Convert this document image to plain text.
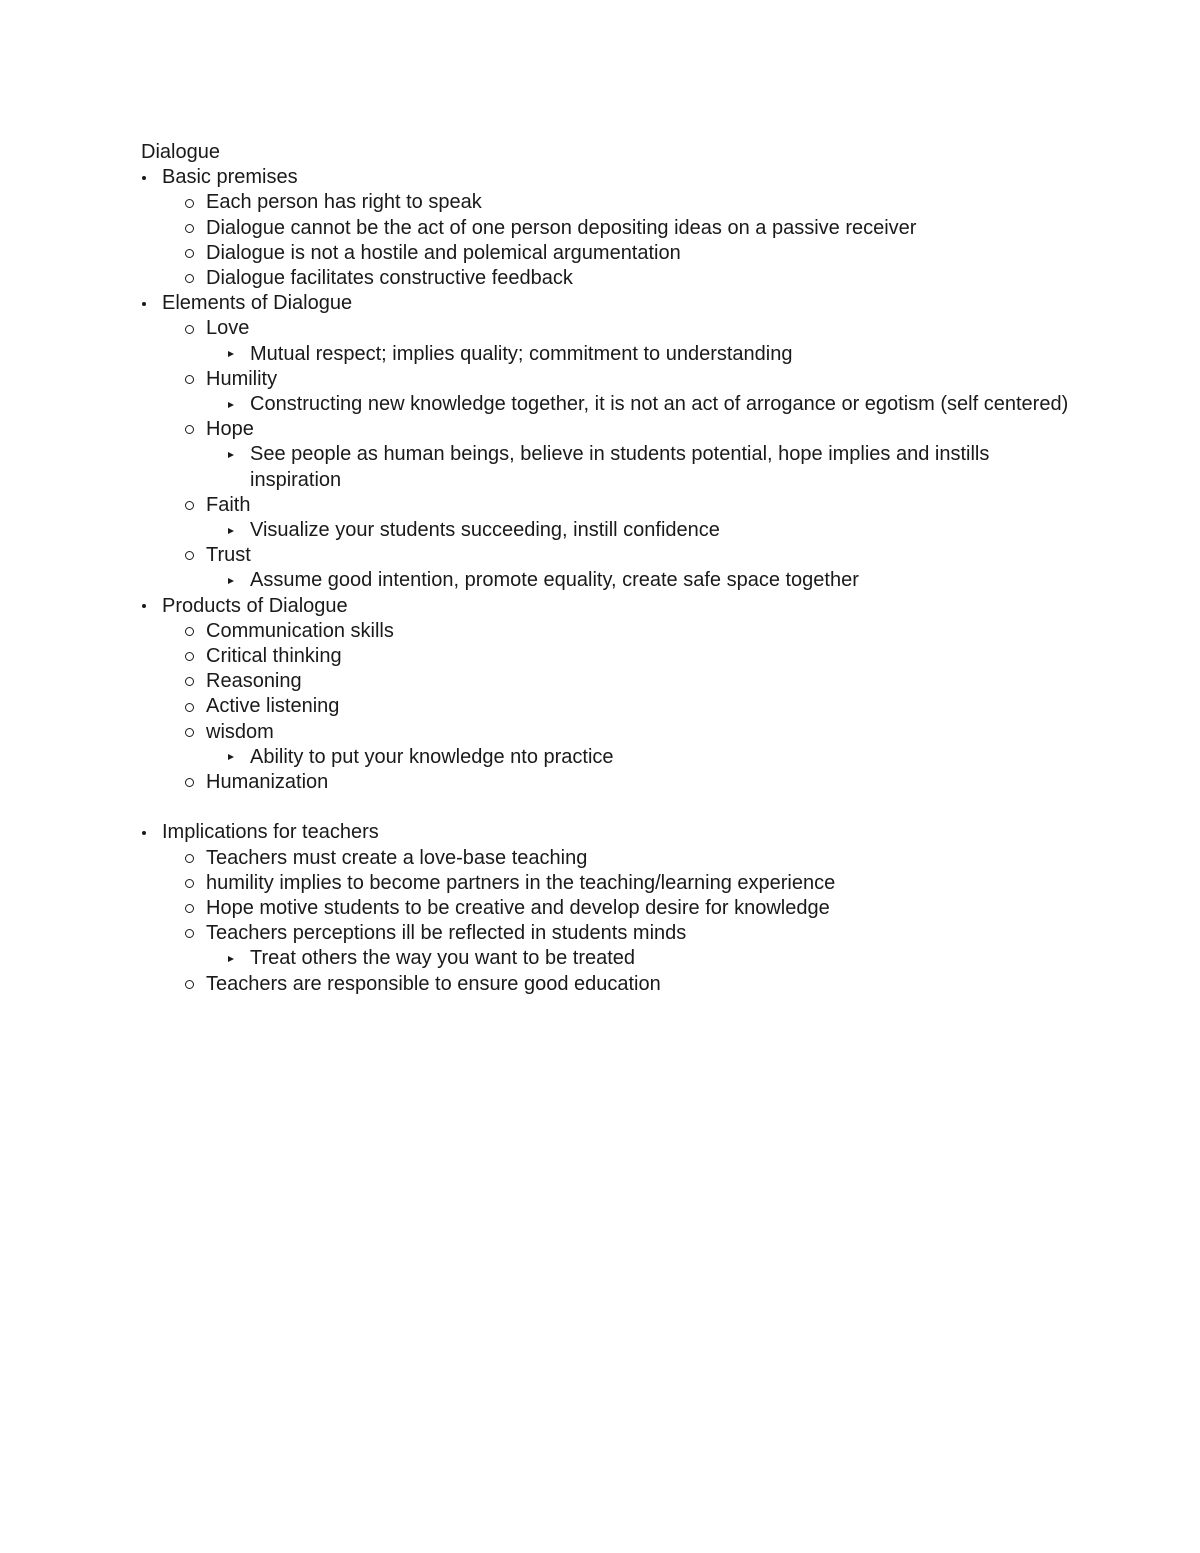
Dialogue
Basic premises
Each person has right to speak
Dialogue cannot be the act of one person depositing ideas on a passive receiver
Dialogue is not a hostile and polemical argumentation
Dialogue facilitates constructive feedback
Elements of Dialogue
Love
Mutual respect; implies quality; commitment to understanding
Humility
Constructing new knowledge together, it is not an act of arrogance or egotism (self centered)
Hope
See people as human beings, believe in students potential, hope implies and instills inspiration
Faith
Visualize your students succeeding, instill confidence
Trust
Assume good intention, promote equality, create safe space together
Products of Dialogue
Communication skills
Critical thinking
Reasoning
Active listening
wisdom
Ability to put your knowledge nto practice
Humanization
Implications for teachers
Teachers must create a love-base teaching
humility implies to become partners in the teaching/learning experience
Hope motive students to be creative and develop desire for knowledge
Teachers perceptions ill be reflected in students minds
Treat others the way you want to be treated
Teachers are responsible to ensure good education
